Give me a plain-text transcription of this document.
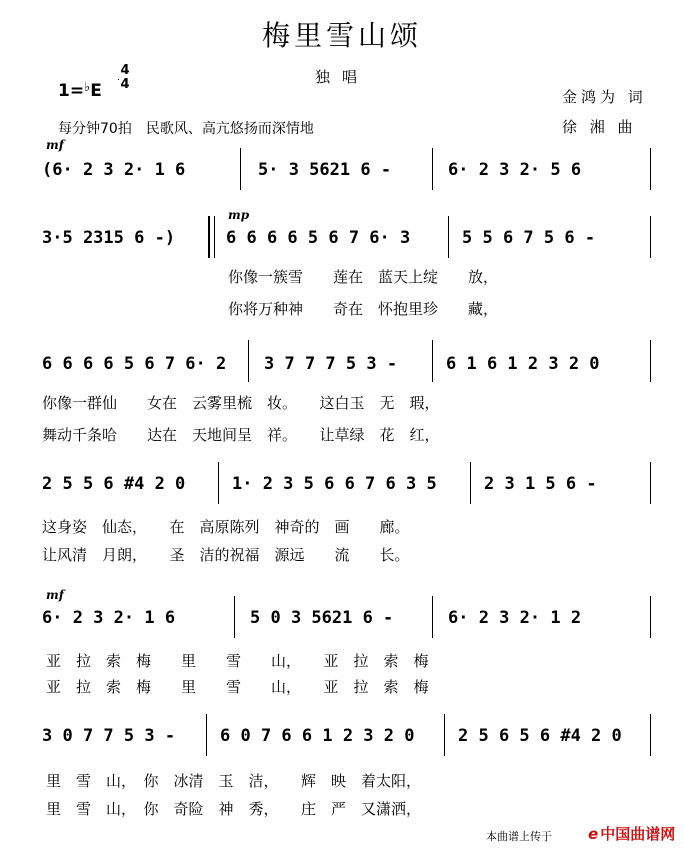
梅里雪山颂
独唱
1=♭E
4
4
每分钟70拍　民歌风、高亢悠扬而深情地
金鸿为 词
徐 湘 曲
mf
(6· 2 3 2· 1 6	5· 3 5621 6 -	6· 2 3 2· 5 6
mp
3·5 2315 6 -)	6 6 6 6 5 6 7 6· 3	5 5 6 7 5 6 -
你像一簇雪　　莲在　蓝天上绽　　放，
你将万种神　　奇在　怀抱里珍　　藏，
6 6 6 6 5 6 7 6· 2 3 7 7 7 5 3 -	6 1 6 1 2 3 2 0
你像一群仙　　女在　云雾里梳　妆。　　这白玉　无　瑕，
舞动千条哈　　达在　天地间呈　祥。　　让草绿　花　红，
2 5 5 6 #4 2 0	1· 2 3 5 6 6 7 6 3 5	2 3 1 5 6 -
这身姿　仙态，　　在　高原陈列　神奇的　画　　廊。
让风清　月朗，　　圣　洁的祝福　源远　　流　　长。
mf
6· 2 3 2· 1 6	5 0 3 5621 6 -	6· 2 3 2· 1 2
亚　拉　索　梅　　里　　雪　　山，　　亚　拉　索　梅
亚　拉　索　梅　　里　　雪　　山，　　亚　拉　索　梅
3 0 7 7 5 3 -	6 0 7 6 6 1 2 3 2 0	2 5 6 5 6 #4 2 0
里　雪　山，　你　冰清　玉　洁，　　辉　映　着太阳，
里　雪　山，　你　奇险　神　秀，　　庄　严　又潇洒，
本曲谱上传于 e 中国曲谱网
